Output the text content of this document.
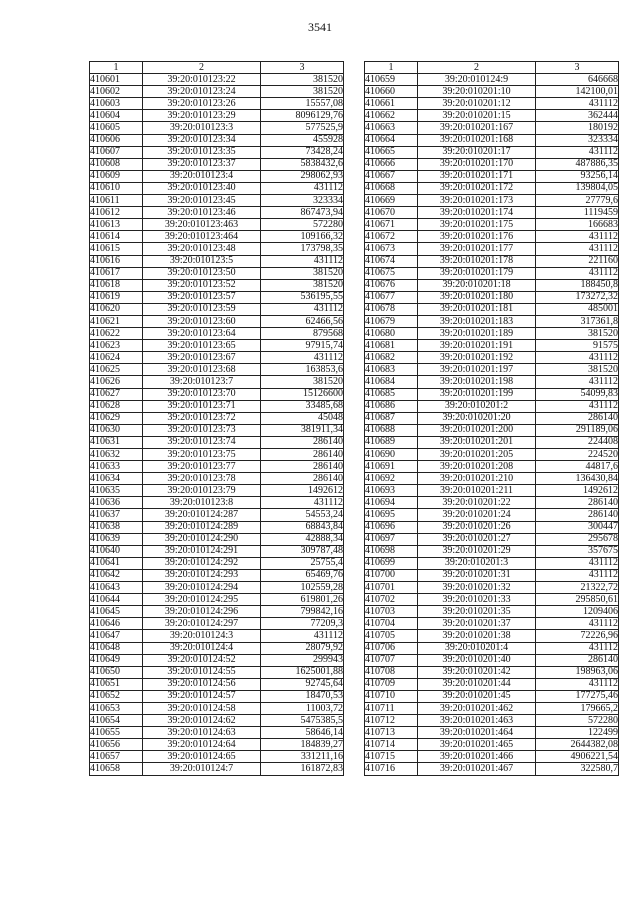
3541
1	2	3
410601	39:20:010123:22	381520
410602	39:20:010123:24	381520
410603	39:20:010123:26	15557,08
410604	39:20:010123:29	8096129,76
410605	39:20:010123:3	577525,9
410606	39:20:010123:34	455928
410607	39:20:010123:35	73428,24
410608	39:20:010123:37	5838432,6
410609	39:20:010123:4	298062,93
410610	39:20:010123:40	431112
410611	39:20:010123:45	323334
410612	39:20:010123:46	867473,94
410613	39:20:010123:463	572280
410614	39:20:010123:464	109166,32
410615	39:20:010123:48	173798,35
410616	39:20:010123:5	431112
410617	39:20:010123:50	381520
410618	39:20:010123:52	381520
410619	39:20:010123:57	536195,55
410620	39:20:010123:59	431112
410621	39:20:010123:60	62466,56
410622	39:20:010123:64	879568
410623	39:20:010123:65	97915,74
410624	39:20:010123:67	431112
410625	39:20:010123:68	163853,6
410626	39:20:010123:7	381520
410627	39:20:010123:70	15126600
410628	39:20:010123:71	33485,68
410629	39:20:010123:72	45048
410630	39:20:010123:73	381911,34
410631	39:20:010123:74	286140
410632	39:20:010123:75	286140
410633	39:20:010123:77	286140
410634	39:20:010123:78	286140
410635	39:20:010123:79	1492612
410636	39:20:010123:8	431112
410637	39:20:010124:287	54553,24
410638	39:20:010124:289	68843,84
410639	39:20:010124:290	42888,34
410640	39:20:010124:291	309787,48
410641	39:20:010124:292	25755,4
410642	39:20:010124:293	65469,76
410643	39:20:010124:294	102559,28
410644	39:20:010124:295	619801,26
410645	39:20:010124:296	799842,16
410646	39:20:010124:297	77209,3
410647	39:20:010124:3	431112
410648	39:20:010124:4	28079,92
410649	39:20:010124:52	299943
410650	39:20:010124:55	1625001,88
410651	39:20:010124:56	92745,64
410652	39:20:010124:57	18470,53
410653	39:20:010124:58	11003,72
410654	39:20:010124:62	5475385,5
410655	39:20:010124:63	58646,14
410656	39:20:010124:64	184839,27
410657	39:20:010124:65	331211,16
410658	39:20:010124:7	161872,83
1	2	3
410659	39:20:010124:9	646668
410660	39:20:010201:10	142100,01
410661	39:20:010201:12	431112
410662	39:20:010201:15	362444
410663	39:20:010201:167	180192
410664	39:20:010201:168	323334
410665	39:20:010201:17	431112
410666	39:20:010201:170	487886,35
410667	39:20:010201:171	93256,14
410668	39:20:010201:172	139804,05
410669	39:20:010201:173	27779,6
410670	39:20:010201:174	1119459
410671	39:20:010201:175	166683
410672	39:20:010201:176	431112
410673	39:20:010201:177	431112
410674	39:20:010201:178	221160
410675	39:20:010201:179	431112
410676	39:20:010201:18	188450,8
410677	39:20:010201:180	173272,32
410678	39:20:010201:181	485001
410679	39:20:010201:183	317361,8
410680	39:20:010201:189	381520
410681	39:20:010201:191	91575
410682	39:20:010201:192	431112
410683	39:20:010201:197	381520
410684	39:20:010201:198	431112
410685	39:20:010201:199	54099,83
410686	39:20:010201:2	431112
410687	39:20:010201:20	286140
410688	39:20:010201:200	291189,06
410689	39:20:010201:201	224408
410690	39:20:010201:205	224520
410691	39:20:010201:208	44817,6
410692	39:20:010201:210	136430,84
410693	39:20:010201:211	1492612
410694	39:20:010201:22	286140
410695	39:20:010201:24	286140
410696	39:20:010201:26	300447
410697	39:20:010201:27	295678
410698	39:20:010201:29	357675
410699	39:20:010201:3	431112
410700	39:20:010201:31	431112
410701	39:20:010201:32	21322,72
410702	39:20:010201:33	295850,61
410703	39:20:010201:35	1209406
410704	39:20:010201:37	431112
410705	39:20:010201:38	72226,96
410706	39:20:010201:4	431112
410707	39:20:010201:40	286140
410708	39:20:010201:42	198963,06
410709	39:20:010201:44	431112
410710	39:20:010201:45	177275,46
410711	39:20:010201:462	179665,2
410712	39:20:010201:463	572280
410713	39:20:010201:464	122499
410714	39:20:010201:465	2644382,08
410715	39:20:010201:466	4906221,54
410716	39:20:010201:467	322580,7
